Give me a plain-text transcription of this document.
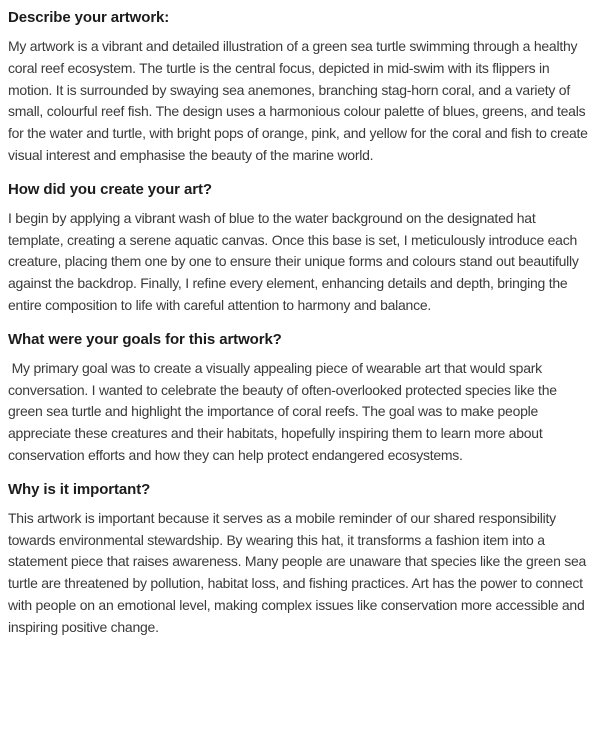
Describe your artwork:

My artwork is a vibrant and detailed illustration of a green sea turtle swimming through a healthy coral reef ecosystem. The turtle is the central focus, depicted in mid-swim with its flippers in motion. It is surrounded by swaying sea anemones, branching stag-horn coral, and a variety of small, colourful reef fish. The design uses a harmonious colour palette of blues, greens, and teals for the water and turtle, with bright pops of orange, pink, and yellow for the coral and fish to create visual interest and emphasise the beauty of the marine world.

How did you create your art?

I begin by applying a vibrant wash of blue to the water background on the designated hat template, creating a serene aquatic canvas. Once this base is set, I meticulously introduce each creature, placing them one by one to ensure their unique forms and colours stand out beautifully against the backdrop. Finally, I refine every element, enhancing details and depth, bringing the entire composition to life with careful attention to harmony and balance.

What were your goals for this artwork?

My primary goal was to create a visually appealing piece of wearable art that would spark conversation. I wanted to celebrate the beauty of often-overlooked protected species like the green sea turtle and highlight the importance of coral reefs. The goal was to make people appreciate these creatures and their habitats, hopefully inspiring them to learn more about conservation efforts and how they can help protect endangered ecosystems.

Why is it important?

This artwork is important because it serves as a mobile reminder of our shared responsibility towards environmental stewardship. By wearing this hat, it transforms a fashion item into a statement piece that raises awareness. Many people are unaware that species like the green sea turtle are threatened by pollution, habitat loss, and fishing practices. Art has the power to connect with people on an emotional level, making complex issues like conservation more accessible and inspiring positive change.
